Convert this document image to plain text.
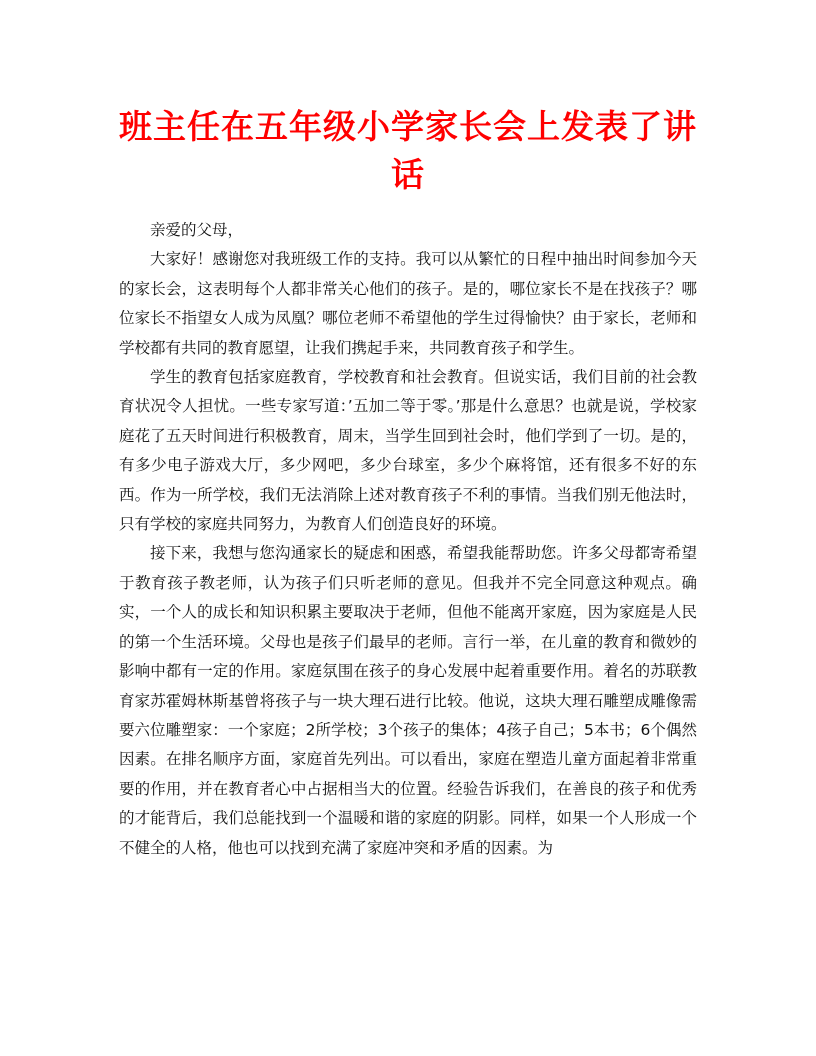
班主任在五年级小学家长会上发表了讲话

亲爱的父母，

大家好！感谢您对我班级工作的支持。我可以从繁忙的日程中抽出时间参加今天的家长会，这表明每个人都非常关心他们的孩子。是的，哪位家长不是在找孩子？哪位家长不指望女人成为凤凰？哪位老师不希望他的学生过得愉快？由于家长，老师和学校都有共同的教育愿望，让我们携起手来，共同教育孩子和学生。

学生的教育包括家庭教育，学校教育和社会教育。但说实话，我们目前的社会教育状况令人担忧。一些专家写道：’五加二等于零。’那是什么意思？也就是说，学校家庭花了五天时间进行积极教育，周末，当学生回到社会时，他们学到了一切。是的，有多少电子游戏大厅，多少网吧，多少台球室，多少个麻将馆，还有很多不好的东西。作为一所学校，我们无法消除上述对教育孩子不利的事情。当我们别无他法时，只有学校的家庭共同努力，为教育人们创造良好的环境。

接下来，我想与您沟通家长的疑虑和困惑，希望我能帮助您。许多父母都寄希望于教育孩子教老师，认为孩子们只听老师的意见。但我并不完全同意这种观点。确实，一个人的成长和知识积累主要取决于老师，但他不能离开家庭，因为家庭是人民的第一个生活环境。父母也是孩子们最早的老师。言行一举，在儿童的教育和微妙的影响中都有一定的作用。家庭氛围在孩子的身心发展中起着重要作用。着名的苏联教育家苏霍姆林斯基曾将孩子与一块大理石进行比较。他说，这块大理石雕塑成雕像需要六位雕塑家：一个家庭；2所学校；3个孩子的集体；4孩子自己；5本书；6个偶然因素。在排名顺序方面，家庭首先列出。可以看出，家庭在塑造儿童方面起着非常重要的作用，并在教育者心中占据相当大的位置。经验告诉我们，在善良的孩子和优秀的才能背后，我们总能找到一个温暖和谐的家庭的阴影。同样，如果一个人形成一个不健全的人格，他也可以找到充满了家庭冲突和矛盾的因素。为
